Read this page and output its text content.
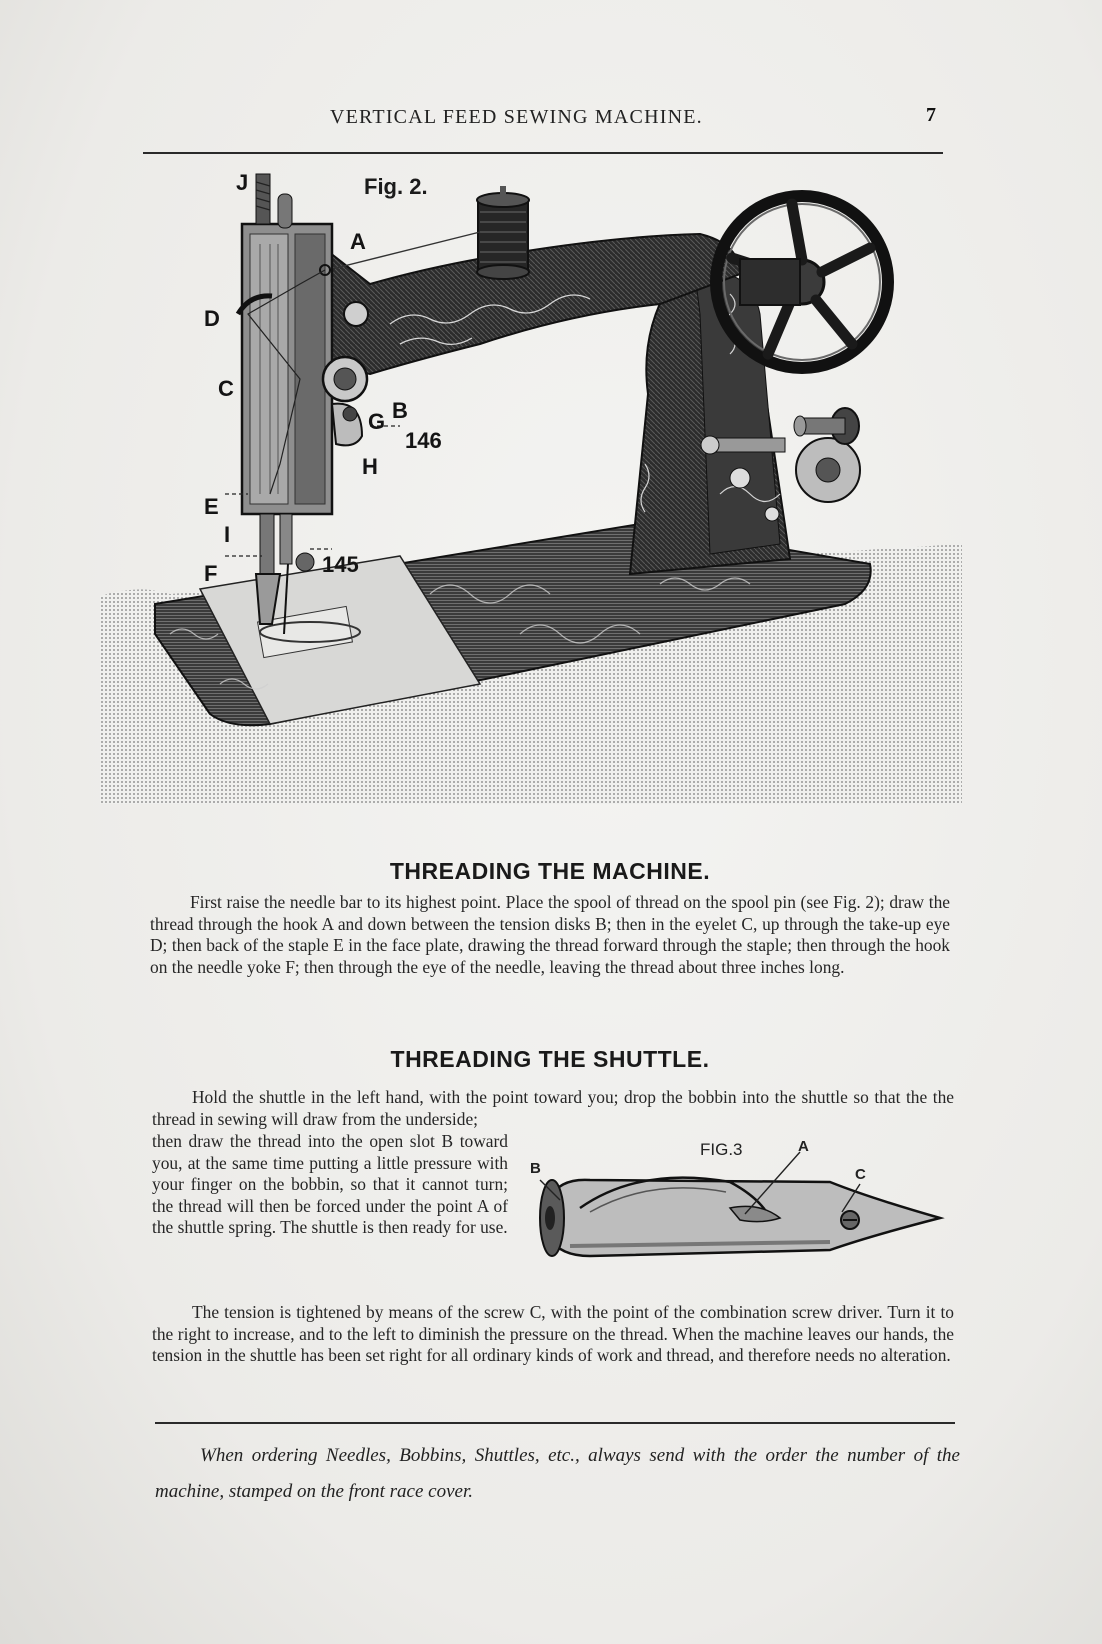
VERTICAL FEED SEWING MACHINE.	7
Fig. 2.
J
A
D
C
B
G
146
H
E
I
F	145
THREADING THE MACHINE.

First raise the needle bar to its highest point. Place the spool of thread on the spool pin (see Fig. 2); draw the thread through the hook A and down between the tension disks B; then in the eyelet C, up through the take-up eye D; then back of the staple E in the face plate, drawing the thread forward through the staple; then through the hook on the needle yoke F; then through the eye of the needle, leaving the thread about three inches long.

THREADING THE SHUTTLE.

Hold the shuttle in the left hand, with the point toward you; drop the bobbin into the shuttle so that the the thread in sewing will draw from the underside;

then draw the thread into the open slot B toward you, at the same time putting a little pressure with your finger on the bobbin, so that it cannot turn; the thread will then be forced under the point A of the shuttle spring. The shuttle is then ready for use.

FIG.3	A
B	C

The tension is tightened by means of the screw C, with the point of the combination screw driver. Turn it to the right to increase, and to the left to diminish the pressure on the thread. When the machine leaves our hands, the tension in the shuttle has been set right for all ordinary kinds of work and thread, and therefore needs no alteration.

When ordering Needles, Bobbins, Shuttles, etc., always send with the order the number of the machine, stamped on the front race cover.
